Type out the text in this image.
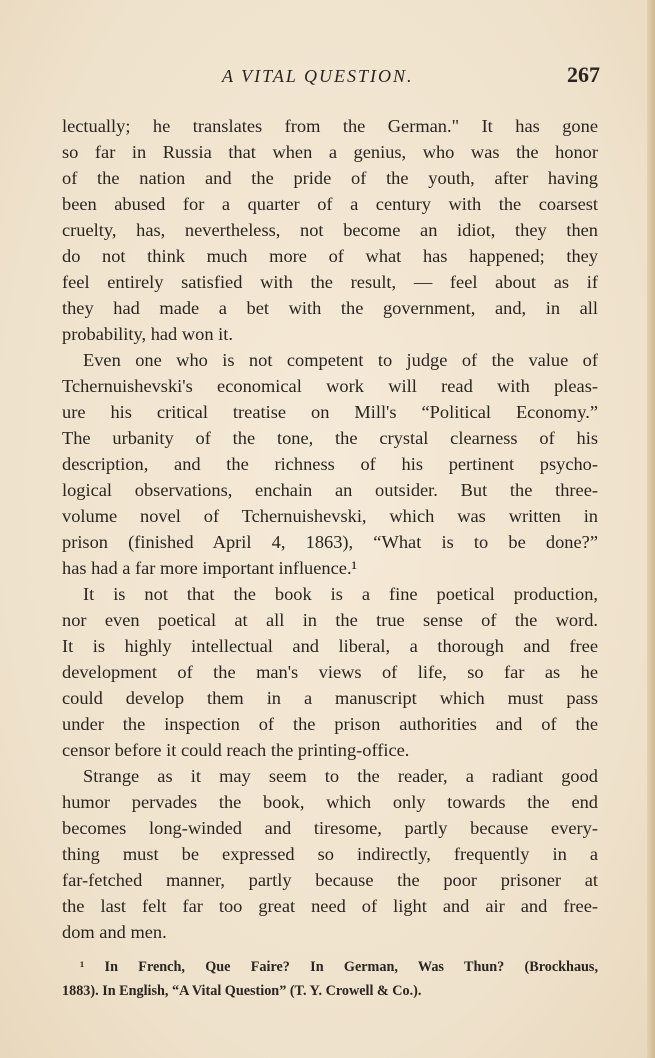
A VITAL QUESTION.	267
lectually; he translates from the German." It has gone
so far in Russia that when a genius, who was the honor
of the nation and the pride of the youth, after having
been abused for a quarter of a century with the coarsest
cruelty, has, nevertheless, not become an idiot, they then
do not think much more of what has happened; they
feel entirely satisfied with the result, — feel about as if
they had made a bet with the government, and, in all
probability, had won it.
Even one who is not competent to judge of the value of
Tchernuishevski's economical work will read with pleas-
ure his critical treatise on Mill's “Political Economy.”
The urbanity of the tone, the crystal clearness of his
description, and the richness of his pertinent psycho-
logical observations, enchain an outsider. But the three-
volume novel of Tchernuishevski, which was written in
prison (finished April 4, 1863), “What is to be done?”
has had a far more important influence.¹
It is not that the book is a fine poetical production,
nor even poetical at all in the true sense of the word.
It is highly intellectual and liberal, a thorough and free
development of the man's views of life, so far as he
could develop them in a manuscript which must pass
under the inspection of the prison authorities and of the
censor before it could reach the printing-office.
Strange as it may seem to the reader, a radiant good
humor pervades the book, which only towards the end
becomes long-winded and tiresome, partly because every-
thing must be expressed so indirectly, frequently in a
far-fetched manner, partly because the poor prisoner at
the last felt far too great need of light and air and free-
dom and men.
¹ In French, Que Faire? In German, Was Thun? (Brockhaus,
1883). In English, “A Vital Question” (T. Y. Crowell & Co.).
